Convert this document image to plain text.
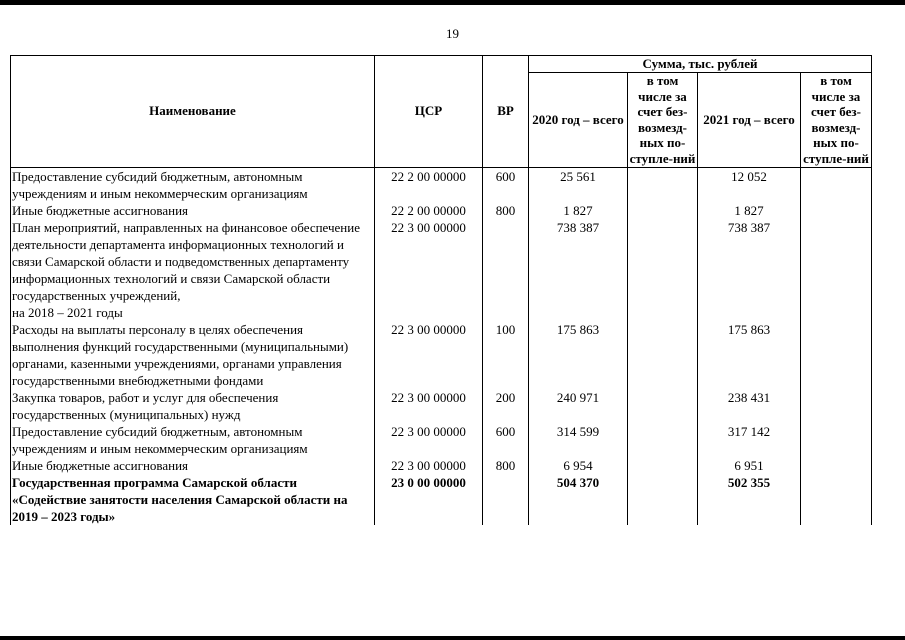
19
Наименование	ЦСР	ВР	Сумма, тыс. рублей			
			2020 год – всего	в том числе за счет без-возмезд-ных по-ступле-ний	2021 год – всего	в том числе за счет без-возмезд-ных по-ступле-ний
Предоставление субсидий бюджетным, автономным учреждениям и иным некоммерческим организациям	22 2 00 00000	600	25 561		12 052	
Иные бюджетные ассигнования	22 2 00 00000	800	1 827		1 827	
План мероприятий, направленных на финансовое обеспечение деятельности департамента информационных технологий и связи Самарской области и подведомственных департаменту информационных технологий и связи Самарской области государственных учреждений,
на 2018 – 2021 годы	22 3 00 00000		738 387		738 387	
Расходы на выплаты персоналу в целях обеспечения выполнения функций государственными (муниципальными) органами, казенными учреждениями, органами управления государственными внебюджетными фондами	22 3 00 00000	100	175 863		175 863	
Закупка товаров, работ и услуг для обеспечения государственных (муниципальных) нужд	22 3 00 00000	200	240 971		238 431	
Предоставление субсидий бюджетным, автономным учреждениям и иным некоммерческим организациям	22 3 00 00000	600	314 599		317 142	
Иные бюджетные ассигнования	22 3 00 00000	800	6 954		6 951	
Государственная программа Самарской области «Содействие занятости населения Самарской области на 2019 – 2023 годы»	23 0 00 00000		504 370		502 355	
